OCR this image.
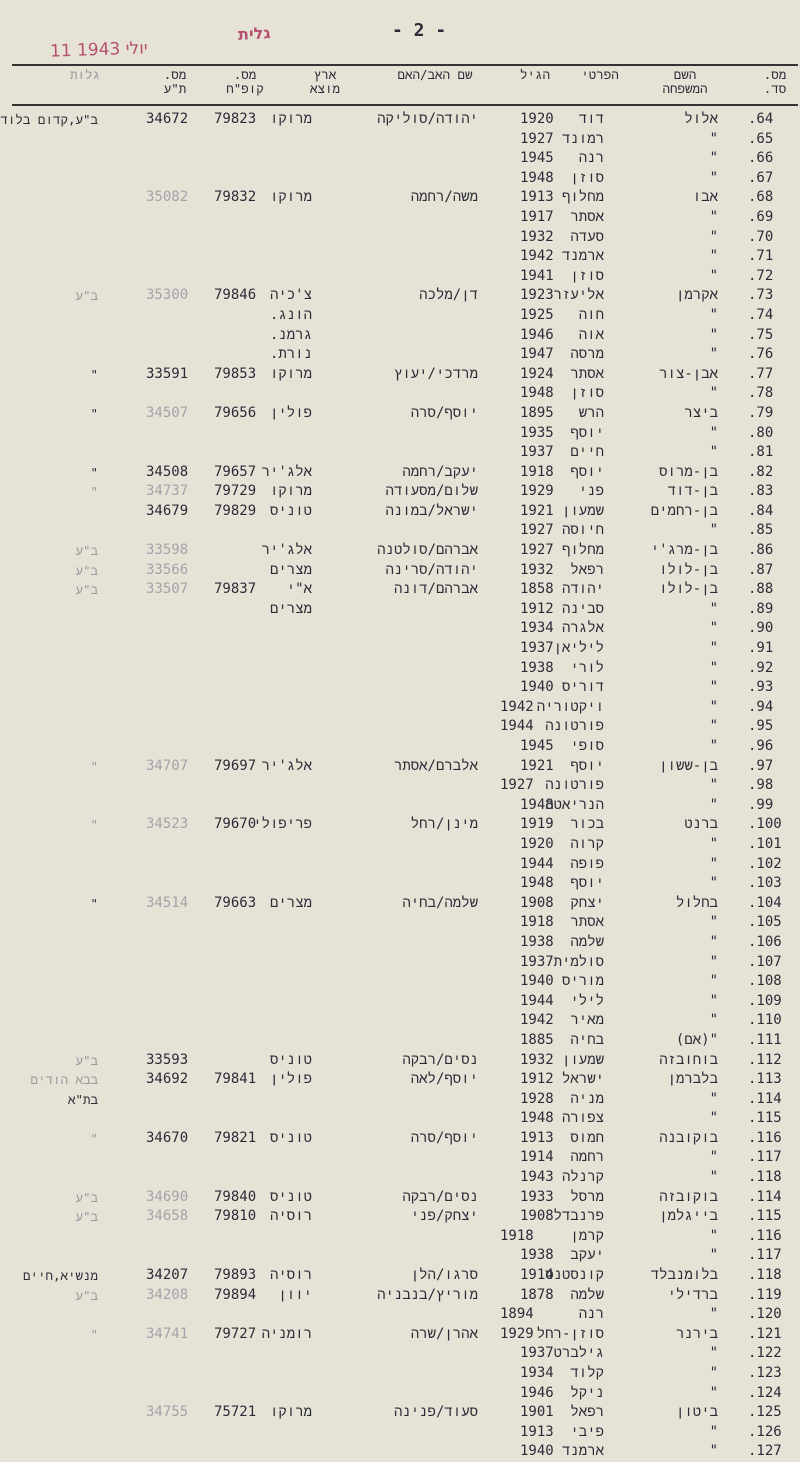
גלית	- 2 -
11 יולי 1943
מס.
סד.
השם
המשפחה
הפרטי
הגיל
שם האב/האם
ארץ
מוצא
מס.
קופ"ח
מס.
ת"ע
גלות
.64
אלול
דוד
1920
יהודה/סוליקה
מרוקו
79823
34672
ב"ע,קדום בלוד
.65
"
רמונד
1927
.66
"
רנה
1945
.67
"
סוזן
1948
.68
אבו
מחלוף
1913
משה/רחמה
מרוקו
79832
35082
.69
"
אסתר
1917
.70
"
סעדה
1932
.71
"
ארמנד
1942
.72
"
סוזן
1941
.73
אקרמן
אליעזר
1923
דן/מלכה
צ'כיה
79846
35300
ב"ע
.74
"
חוה
1925
הונג.
.75
"
אוה
1946
גרמנ.
.76
"
מרסה
1947
נורת.
.77
אבן-צור
אסתר
1924
מרדכי/יעוץ
מרוקו
79853
33591
"
.78
"
סוזן
1948
.79
ביצר
הרש
1895
יוסף/סרה
פולין
79656
34507
"
.80
"
יוסף
1935
.81
"
חיים
1937
.82
בן-מרוס
יוסף
1918
יעקב/רחמה
אלג'יר
79657
34508
"
.83
בן-דוד
פני
1929
שלום/מסעודה
מרוקו
79729
34737
"
.84
בן-רחמים
שמעון
1921
ישראל/במונה
טוניס
79829
34679
.85
"
חיוסה
1927
.86
בן-מרג'י
מחלוף
1927
אברהם/סולטנה
אלג'יר
33598
ב"ע
.87
בן-לולו
רפאל
1932
יהודה/סרינה
מצרים
33566
ב"ע
.88
בן-לולו
יהודה
1858
אברהם/דונה
א"י
79837
33507
ב"ע
.89
"
סבינה
1912
מצרים
.90
"
אלגרה
1934
.91
"
ליליאן
1937
.92
"
לורי
1938
.93
"
דוריס
1940
.94
"
ויקטוריה
1942
.95
"
פורטונה
1944
.96
"
סופי
1945
.97
בן-ששון
יוסף
1921
אלברם/אסתר
אלג'יר
79697
34707
"
.98
"
פורטונה
1927
.99
"
הנריאטה
1948
.100
ברנט
בכור
1919
מינן/רחל
פריפולי
79670
34523
"
.101
"
קרוה
1920
.102
"
פופה
1944
.103
"
יוסף
1948
.104
בחלול
יצחק
1908
שלמה/בחיה
מצרים
79663
34514
"
.105
"
אסתר
1918
.106
"
שלמה
1938
.107
"
סולמית
1937
.108
"
מוריס
1940
.109
"
לילי
1944
.110
"
מאיר
1942
.111
"(אם)
בחיה
1885
.112
בוחובזה
שמעון
1932
נסים/רבקה
טוניס
33593
ב"ע
.113
בלברמן
ישראל
1912
יוסף/לאה
פולין
79841
34692
בבא הודים
.114
"
מניה
1928
בת"א
.115
"
צפורה
1948
.116
בוקובנה
חמוס
1913
יוסף/סרה
טוניס
79821
34670
"
.117
"
רחמה
1914
.118
"
קרנלה
1943
.114
בוקובזה
מרסל
1933
נסים/רבקה
טוניס
79840
34690
ב"ע
.115
בייגלמן
פרנבדל
1908
יצחק/פני
רוסיה
79810
34658
ב"ע
.116
"
קרמן
1918
.117
"
יעקב
1938
.118
בלומנבלד
קונסטנס
1914
סרגו/הלן
רוסיה
79893
34207
מנשיא,חיים
.119
ברדילי
שלמה
1878
מוריץ/בנבניה
יוון
79894
34208
ב"ע
.120
"
רנה
1894
.121
בירנר
סוזן-רחל
1929
אהרן/שרה
רומניה
79727
34741
"
.122
"
גילברט
1937
.123
"
קלוד
1934
.124
"
ניקל
1946
.125
ביטון
רפאל
1901
סעוד/פנינה
מרוקו
75721
34755
.126
"
פיבי
1913
.127
"
ארמנד
1940
